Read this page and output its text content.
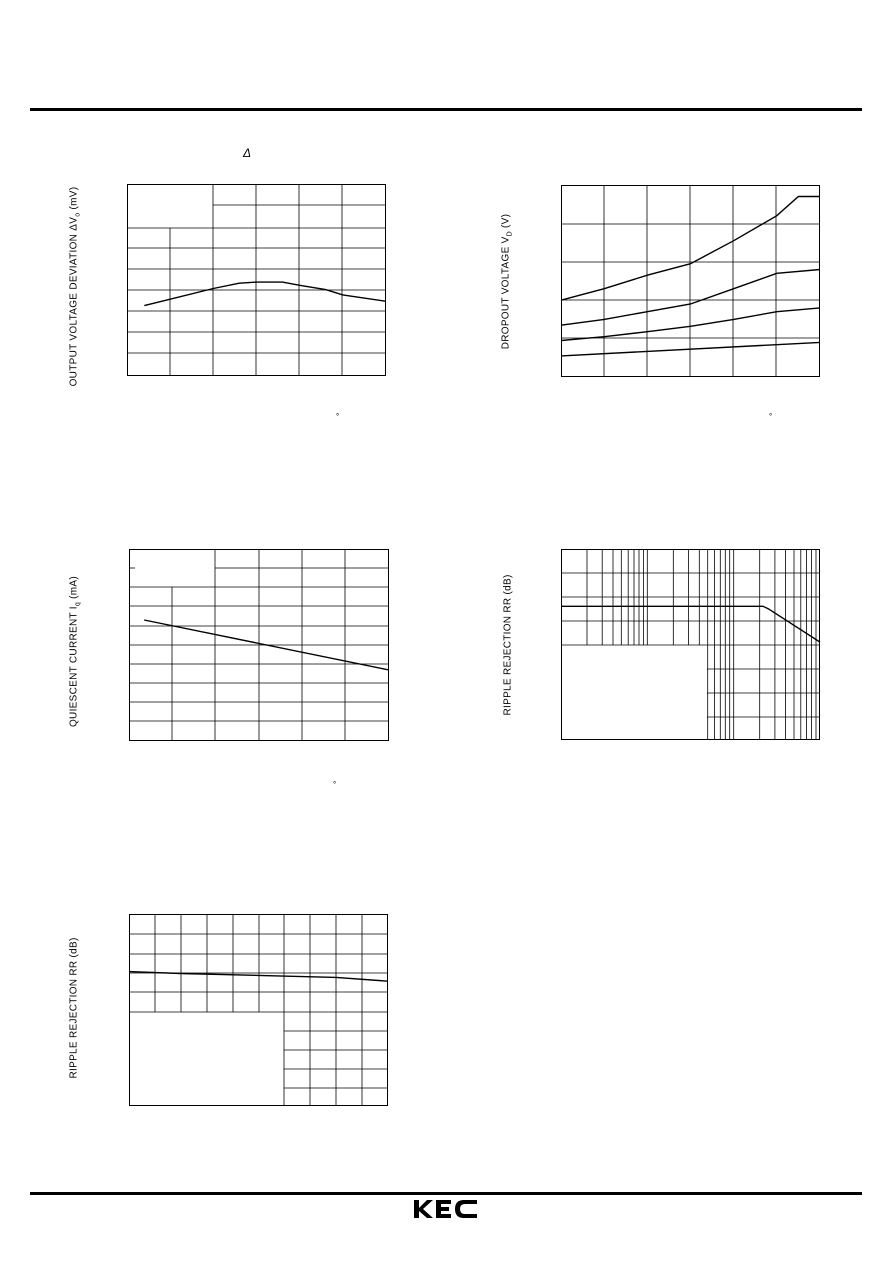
Δ
OUTPUT VOLTAGE DEVIATION $\Delta V_o$ (mV)
°
DROPOUT VOLTAGE $V_D$ (V)
°
QUIESCENT CURRENT $I_q$ (mA)
°
RIPPLE REJECTION RR (dB)
RIPPLE REJECTION RR (dB)
